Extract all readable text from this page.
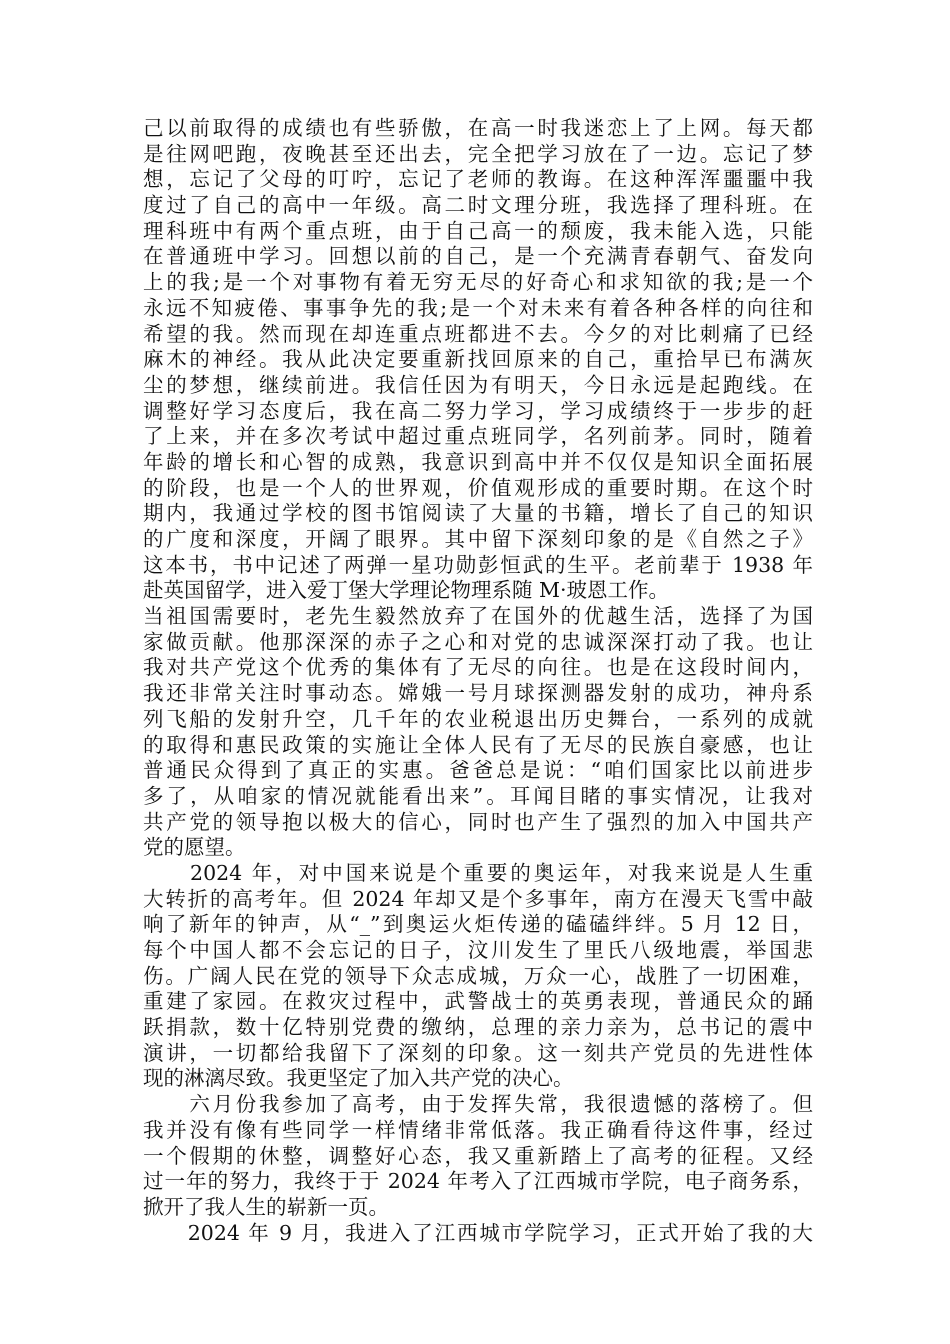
己以前取得的成绩也有些骄傲，在高一时我迷恋上了上网。每天都
是往网吧跑，夜晚甚至还出去，完全把学习放在了一边。忘记了梦
想，忘记了父母的叮咛，忘记了老师的教诲。在这种浑浑噩噩中我
度过了自己的高中一年级。高二时文理分班，我选择了理科班。在
理科班中有两个重点班，由于自己高一的颓废，我未能入选，只能
在普通班中学习。回想以前的自己，是一个充满青春朝气、奋发向
上的我;是一个对事物有着无穷无尽的好奇心和求知欲的我;是一个
永远不知疲倦、事事争先的我;是一个对未来有着各种各样的向往和
希望的我。然而现在却连重点班都进不去。今夕的对比刺痛了已经
麻木的神经。我从此决定要重新找回原来的自己，重拾早已布满灰
尘的梦想，继续前进。我信任因为有明天，今日永远是起跑线。在
调整好学习态度后，我在高二努力学习，学习成绩终于一步步的赶
了上来，并在多次考试中超过重点班同学，名列前茅。同时，随着
年龄的增长和心智的成熟，我意识到高中并不仅仅是知识全面拓展
的阶段，也是一个人的世界观，价值观形成的重要时期。在这个时
期内，我通过学校的图书馆阅读了大量的书籍，增长了自己的知识
的广度和深度，开阔了眼界。其中留下深刻印象的是《自然之子》
这本书，书中记述了两弹一星功勋彭恒武的生平。老前辈于 1938 年
赴英国留学，进入爱丁堡大学理论物理系随 M·玻恩工作。
当祖国需要时，老先生毅然放弃了在国外的优越生活，选择了为国
家做贡献。他那深深的赤子之心和对党的忠诚深深打动了我。也让
我对共产党这个优秀的集体有了无尽的向往。也是在这段时间内，
我还非常关注时事动态。嫦娥一号月球探测器发射的成功，神舟系
列飞船的发射升空，几千年的农业税退出历史舞台，一系列的成就
的取得和惠民政策的实施让全体人民有了无尽的民族自豪感，也让
普通民众得到了真正的实惠。爸爸总是说：“咱们国家比以前进步
多了，从咱家的情况就能看出来”。耳闻目睹的事实情况，让我对
共产党的领导抱以极大的信心，同时也产生了强烈的加入中国共产
党的愿望。
　　2024 年，对中国来说是个重要的奥运年，对我来说是人生重
大转折的高考年。但 2024 年却又是个多事年，南方在漫天飞雪中敲
响了新年的钟声，从“_”到奥运火炬传递的磕磕绊绊。5 月 12 日，
每个中国人都不会忘记的日子，汶川发生了里氏八级地震，举国悲
伤。广阔人民在党的领导下众志成城，万众一心，战胜了一切困难，
重建了家园。在救灾过程中，武警战士的英勇表现，普通民众的踊
跃捐款，数十亿特别党费的缴纳，总理的亲力亲为，总书记的震中
演讲，一切都给我留下了深刻的印象。这一刻共产党员的先进性体
现的淋漓尽致。我更坚定了加入共产党的决心。
　　六月份我参加了高考，由于发挥失常，我很遗憾的落榜了。但
我并没有像有些同学一样情绪非常低落。我正确看待这件事，经过
一个假期的休整，调整好心态，我又重新踏上了高考的征程。又经
过一年的努力，我终于于 2024 年考入了江西城市学院，电子商务系，
掀开了我人生的崭新一页。
　　2024 年 9 月，我进入了江西城市学院学习，正式开始了我的大
